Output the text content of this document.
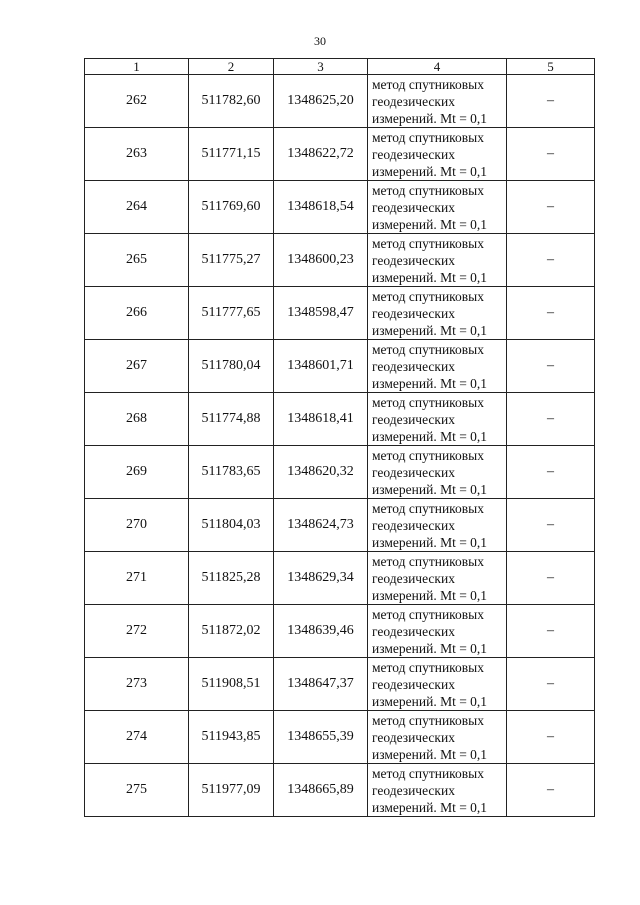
30
1	2	3	4	5
262	511782,60	1348625,20	метод спутниковых
геодезических
измерений. Mt = 0,1	–
263	511771,15	1348622,72	метод спутниковых
геодезических
измерений. Mt = 0,1	–
264	511769,60	1348618,54	метод спутниковых
геодезических
измерений. Mt = 0,1	–
265	511775,27	1348600,23	метод спутниковых
геодезических
измерений. Mt = 0,1	–
266	511777,65	1348598,47	метод спутниковых
геодезических
измерений. Mt = 0,1	–
267	511780,04	1348601,71	метод спутниковых
геодезических
измерений. Mt = 0,1	–
268	511774,88	1348618,41	метод спутниковых
геодезических
измерений. Mt = 0,1	–
269	511783,65	1348620,32	метод спутниковых
геодезических
измерений. Mt = 0,1	–
270	511804,03	1348624,73	метод спутниковых
геодезических
измерений. Mt = 0,1	–
271	511825,28	1348629,34	метод спутниковых
геодезических
измерений. Mt = 0,1	–
272	511872,02	1348639,46	метод спутниковых
геодезических
измерений. Mt = 0,1	–
273	511908,51	1348647,37	метод спутниковых
геодезических
измерений. Mt = 0,1	–
274	511943,85	1348655,39	метод спутниковых
геодезических
измерений. Mt = 0,1	–
275	511977,09	1348665,89	метод спутниковых
геодезических
измерений. Mt = 0,1	–
